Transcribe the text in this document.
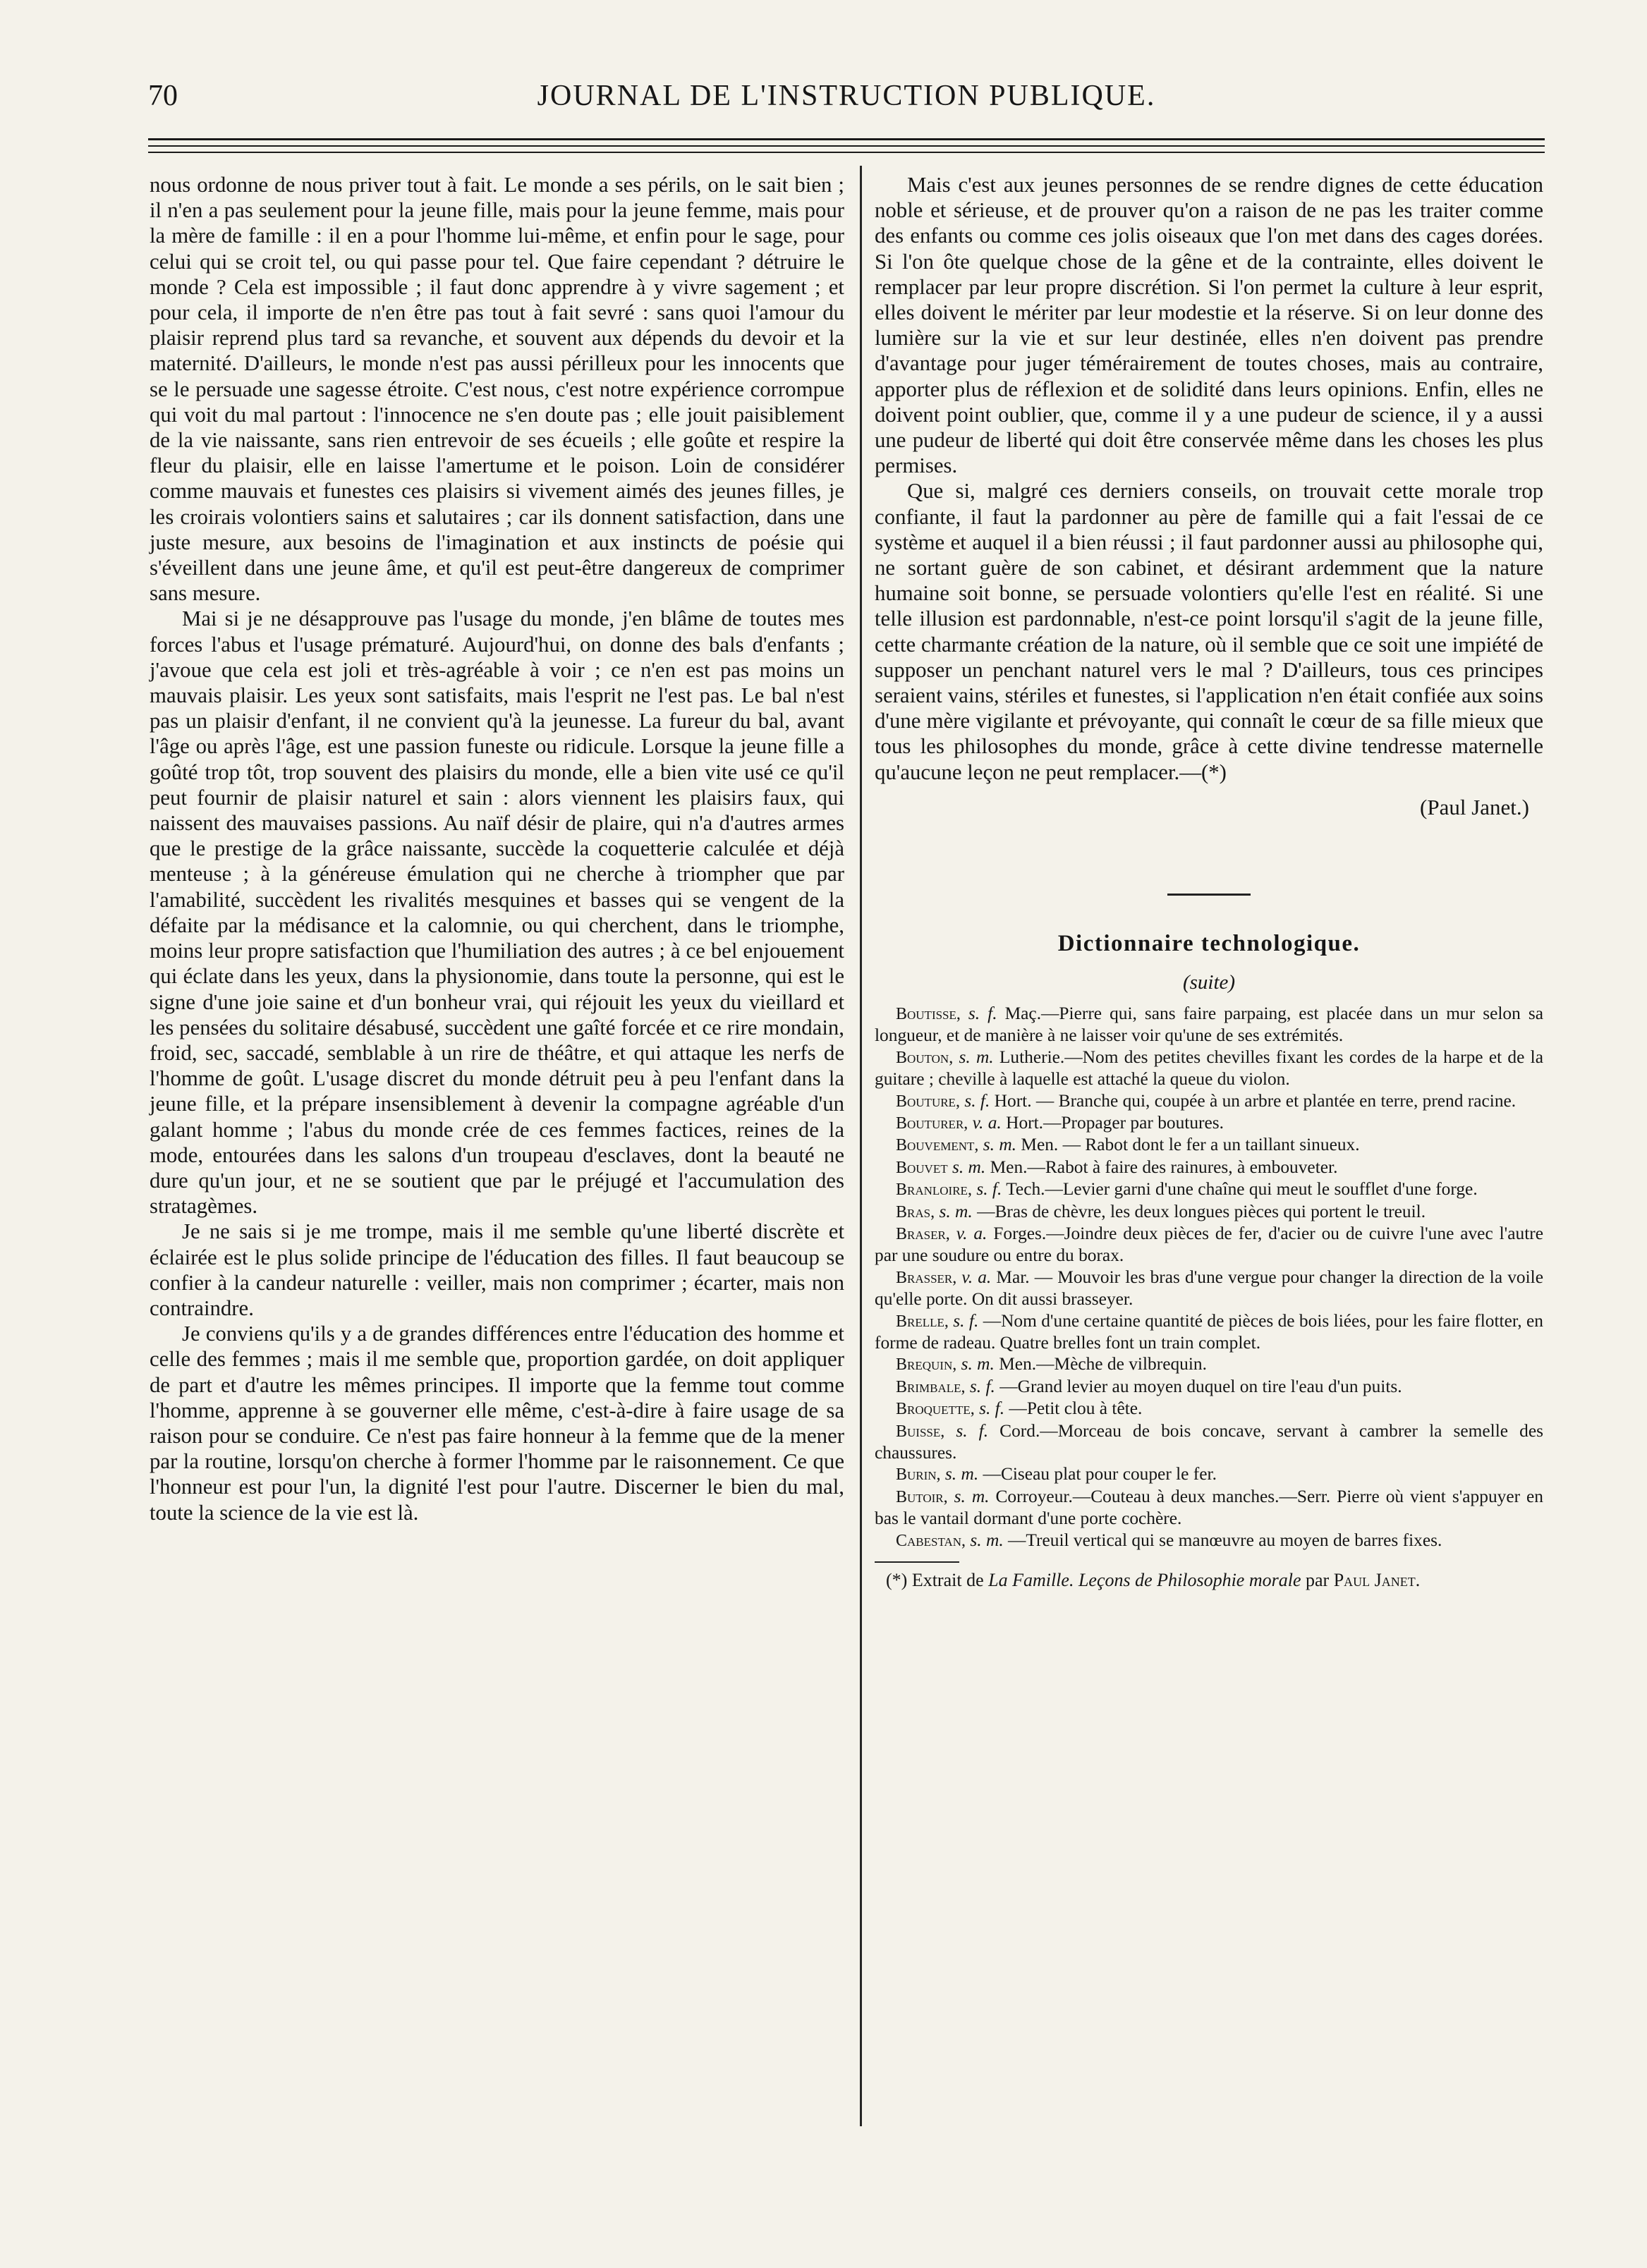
70	JOURNAL DE L'INSTRUCTION PUBLIQUE.

nous ordonne de nous priver tout à fait. Le monde a ses périls, on le sait bien ; il n'en a pas seulement pour la jeune fille, mais pour la jeune femme, mais pour la mère de famille : il en a pour l'homme lui-même, et enfin pour le sage, pour celui qui se croit tel, ou qui passe pour tel. Que faire cependant ? détruire le monde ? Cela est impossible ; il faut donc apprendre à y vivre sagement ; et pour cela, il importe de n'en être pas tout à fait sevré : sans quoi l'amour du plaisir reprend plus tard sa revanche, et souvent aux dépends du devoir et la maternité. D'ailleurs, le monde n'est pas aussi périlleux pour les innocents que se le persuade une sagesse étroite. C'est nous, c'est notre expérience corrompue qui voit du mal partout : l'innocence ne s'en doute pas ; elle jouit paisiblement de la vie naissante, sans rien entrevoir de ses écueils ; elle goûte et respire la fleur du plaisir, elle en laisse l'amertume et le poison. Loin de considérer comme mauvais et funestes ces plaisirs si vivement aimés des jeunes filles, je les croirais volontiers sains et salutaires ; car ils donnent satisfaction, dans une juste mesure, aux besoins de l'imagination et aux instincts de poésie qui s'éveillent dans une jeune âme, et qu'il est peut-être dangereux de comprimer sans mesure.

Mai si je ne désapprouve pas l'usage du monde, j'en blâme de toutes mes forces l'abus et l'usage prématuré. Aujourd'hui, on donne des bals d'enfants ; j'avoue que cela est joli et très-agréable à voir ; ce n'en est pas moins un mauvais plaisir. Les yeux sont satisfaits, mais l'esprit ne l'est pas. Le bal n'est pas un plaisir d'enfant, il ne convient qu'à la jeunesse. La fureur du bal, avant l'âge ou après l'âge, est une passion funeste ou ridicule. Lorsque la jeune fille a goûté trop tôt, trop souvent des plaisirs du monde, elle a bien vite usé ce qu'il peut fournir de plaisir naturel et sain : alors viennent les plaisirs faux, qui naissent des mauvaises passions. Au naïf désir de plaire, qui n'a d'autres armes que le prestige de la grâce naissante, succède la coquetterie calculée et déjà menteuse ; à la généreuse émulation qui ne cherche à triompher que par l'amabilité, succèdent les rivalités mesquines et basses qui se vengent de la défaite par la médisance et la calomnie, ou qui cherchent, dans le triomphe, moins leur propre satisfaction que l'humiliation des autres ; à ce bel enjouement qui éclate dans les yeux, dans la physionomie, dans toute la personne, qui est le signe d'une joie saine et d'un bonheur vrai, qui réjouit les yeux du vieillard et les pensées du solitaire désabusé, succèdent une gaîté forcée et ce rire mondain, froid, sec, saccadé, semblable à un rire de théâtre, et qui attaque les nerfs de l'homme de goût. L'usage discret du monde détruit peu à peu l'enfant dans la jeune fille, et la prépare insensiblement à devenir la compagne agréable d'un galant homme ; l'abus du monde crée de ces femmes factices, reines de la mode, entourées dans les salons d'un troupeau d'esclaves, dont la beauté ne dure qu'un jour, et ne se soutient que par le préjugé et l'accumulation des stratagèmes.

Je ne sais si je me trompe, mais il me semble qu'une liberté discrète et éclairée est le plus solide principe de l'éducation des filles. Il faut beaucoup se confier à la candeur naturelle : veiller, mais non comprimer ; écarter, mais non contraindre.

Je conviens qu'ils y a de grandes différences entre l'éducation des homme et celle des femmes ; mais il me semble que, proportion gardée, on doit appliquer de part et d'autre les mêmes principes. Il importe que la femme tout comme l'homme, apprenne à se gouverner elle même, c'est-à-dire à faire usage de sa raison pour se conduire. Ce n'est pas faire honneur à la femme que de la mener par la routine, lorsqu'on cherche à former l'homme par le raisonnement. Ce que l'honneur est pour l'un, la dignité l'est pour l'autre. Discerner le bien du mal, toute la science de la vie est là.

Mais c'est aux jeunes personnes de se rendre dignes de cette éducation noble et sérieuse, et de prouver qu'on a raison de ne pas les traiter comme des enfants ou comme ces jolis oiseaux que l'on met dans des cages dorées. Si l'on ôte quelque chose de la gêne et de la contrainte, elles doivent le remplacer par leur propre discrétion. Si l'on permet la culture à leur esprit, elles doivent le mériter par leur modestie et la réserve. Si on leur donne des lumière sur la vie et sur leur destinée, elles n'en doivent pas prendre d'avantage pour juger témérairement de toutes choses, mais au contraire, apporter plus de réflexion et de solidité dans leurs opinions. Enfin, elles ne doivent point oublier, que, comme il y a une pudeur de science, il y a aussi une pudeur de liberté qui doit être conservée même dans les choses les plus permises.

Que si, malgré ces derniers conseils, on trouvait cette morale trop confiante, il faut la pardonner au père de famille qui a fait l'essai de ce système et auquel il a bien réussi ; il faut pardonner aussi au philosophe qui, ne sortant guère de son cabinet, et désirant ardemment que la nature humaine soit bonne, se persuade volontiers qu'elle l'est en réalité. Si une telle illusion est pardonnable, n'est-ce point lorsqu'il s'agit de la jeune fille, cette charmante création de la nature, où il semble que ce soit une impiété de supposer un penchant naturel vers le mal ? D'ailleurs, tous ces principes seraient vains, stériles et funestes, si l'application n'en était confiée aux soins d'une mère vigilante et prévoyante, qui connaît le cœur de sa fille mieux que tous les philosophes du monde, grâce à cette divine tendresse maternelle qu'aucune leçon ne peut remplacer.—(*)

(Paul Janet.)

Dictionnaire technologique.
(suite)

Boutisse, s. f. Maç.—Pierre qui, sans faire parpaing, est placée dans un mur selon sa longueur, et de manière à ne laisser voir qu'une de ses extrémités.

Bouton, s. m. Lutherie.—Nom des petites chevilles fixant les cordes de la harpe et de la guitare ; cheville à laquelle est attaché la queue du violon.

Bouture, s. f. Hort. — Branche qui, coupée à un arbre et plantée en terre, prend racine.

Bouturer, v. a. Hort.—Propager par boutures.

Bouvement, s. m. Men. — Rabot dont le fer a un taillant sinueux.

Bouvet s. m. Men.—Rabot à faire des rainures, à embouveter.

Branloire, s. f. Tech.—Levier garni d'une chaîne qui meut le soufflet d'une forge.

Bras, s. m. —Bras de chèvre, les deux longues pièces qui portent le treuil.

Braser, v. a. Forges.—Joindre deux pièces de fer, d'acier ou de cuivre l'une avec l'autre par une soudure ou entre du borax.

Brasser, v. a. Mar. — Mouvoir les bras d'une vergue pour changer la direction de la voile qu'elle porte. On dit aussi brasseyer.

Brelle, s. f. —Nom d'une certaine quantité de pièces de bois liées, pour les faire flotter, en forme de radeau. Quatre brelles font un train complet.

Brequin, s. m. Men.—Mèche de vilbrequin.

Brimbale, s. f. —Grand levier au moyen duquel on tire l'eau d'un puits.

Broquette, s. f. —Petit clou à tête.

Buisse, s. f. Cord.—Morceau de bois concave, servant à cambrer la semelle des chaussures.

Burin, s. m. —Ciseau plat pour couper le fer.

Butoir, s. m. Corroyeur.—Couteau à deux manches.—Serr. Pierre où vient s'appuyer en bas le vantail dormant d'une porte cochère.

Cabestan, s. m. —Treuil vertical qui se manœuvre au moyen de barres fixes.

(*) Extrait de La Famille. Leçons de Philosophie morale par Paul Janet.
